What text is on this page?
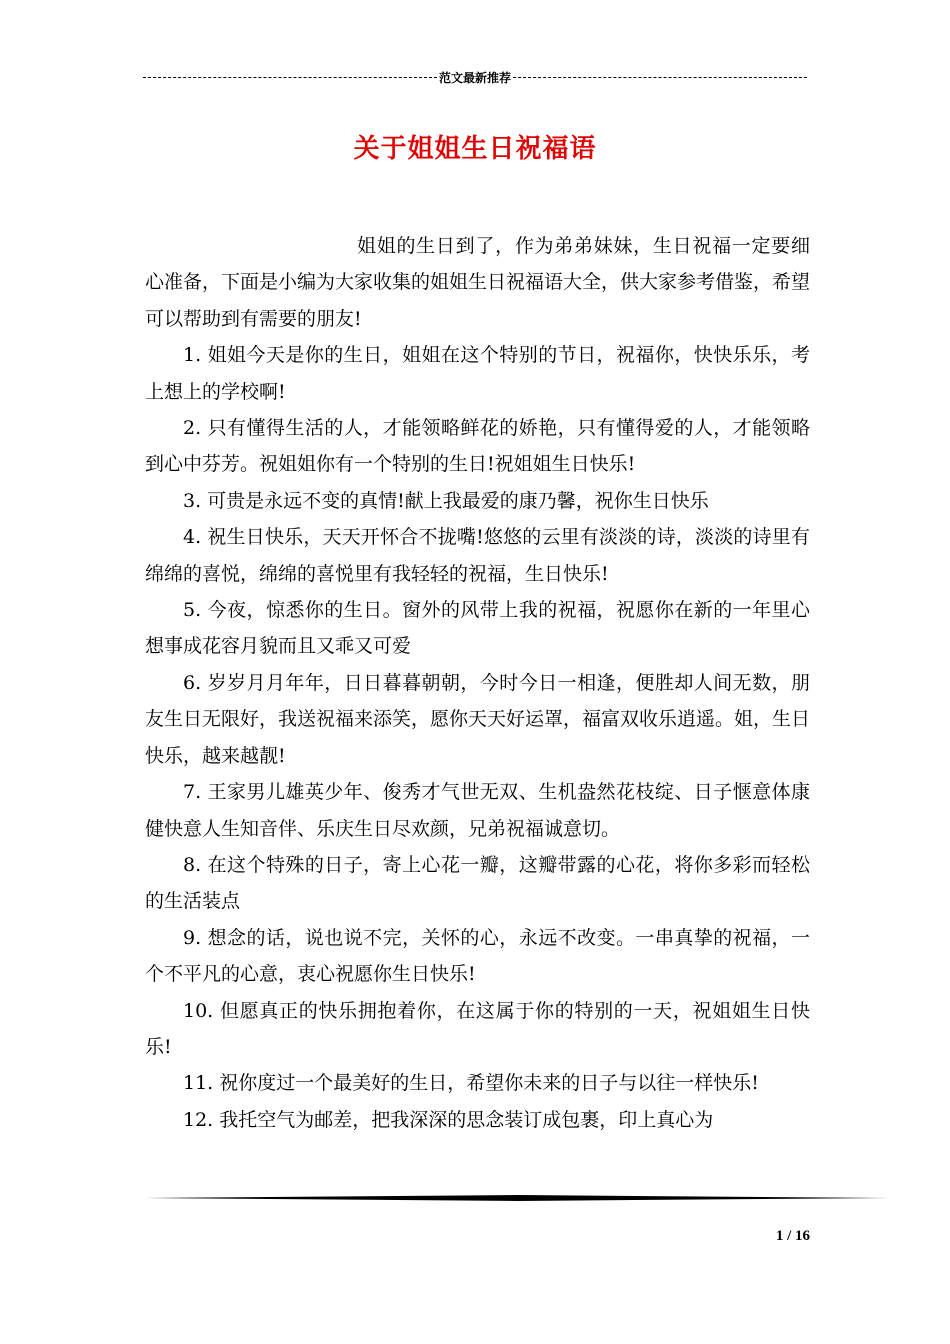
范文最新推荐
关于姐姐生日祝福语

姐姐的生日到了，作为弟弟妹妹，生日祝福一定要细心准备，下面是小编为大家收集的姐姐生日祝福语大全，供大家参考借鉴，希望可以帮助到有需要的朋友!

1. 姐姐今天是你的生日，姐姐在这个特别的节日，祝福你，快快乐乐，考上想上的学校啊!

2. 只有懂得生活的人，才能领略鲜花的娇艳，只有懂得爱的人，才能领略到心中芬芳。祝姐姐你有一个特别的生日!祝姐姐生日快乐!

3. 可贵是永远不变的真情!献上我最爱的康乃馨，祝你生日快乐

4. 祝生日快乐，天天开怀合不拢嘴!悠悠的云里有淡淡的诗，淡淡的诗里有绵绵的喜悦，绵绵的喜悦里有我轻轻的祝福，生日快乐!

5. 今夜，惊悉你的生日。窗外的风带上我的祝福，祝愿你在新的一年里心想事成花容月貌而且又乖又可爱

6. 岁岁月月年年，日日暮暮朝朝，今时今日一相逢，便胜却人间无数，朋友生日无限好，我送祝福来添笑，愿你天天好运罩，福富双收乐逍遥。姐，生日快乐，越来越靓!

7. 王家男儿雄英少年、俊秀才气世无双、生机盎然花枝绽、日子惬意体康健快意人生知音伴、乐庆生日尽欢颜，兄弟祝福诚意切。

8. 在这个特殊的日子，寄上心花一瓣，这瓣带露的心花，将你多彩而轻松的生活装点

9. 想念的话，说也说不完，关怀的心，永远不改变。一串真挚的祝福，一个不平凡的心意，衷心祝愿你生日快乐!

10. 但愿真正的快乐拥抱着你，在这属于你的特别的一天，祝姐姐生日快乐!

11. 祝你度过一个最美好的生日，希望你未来的日子与以往一样快乐!

12. 我托空气为邮差，把我深深的思念装订成包裹，印上真心为

1 / 16
